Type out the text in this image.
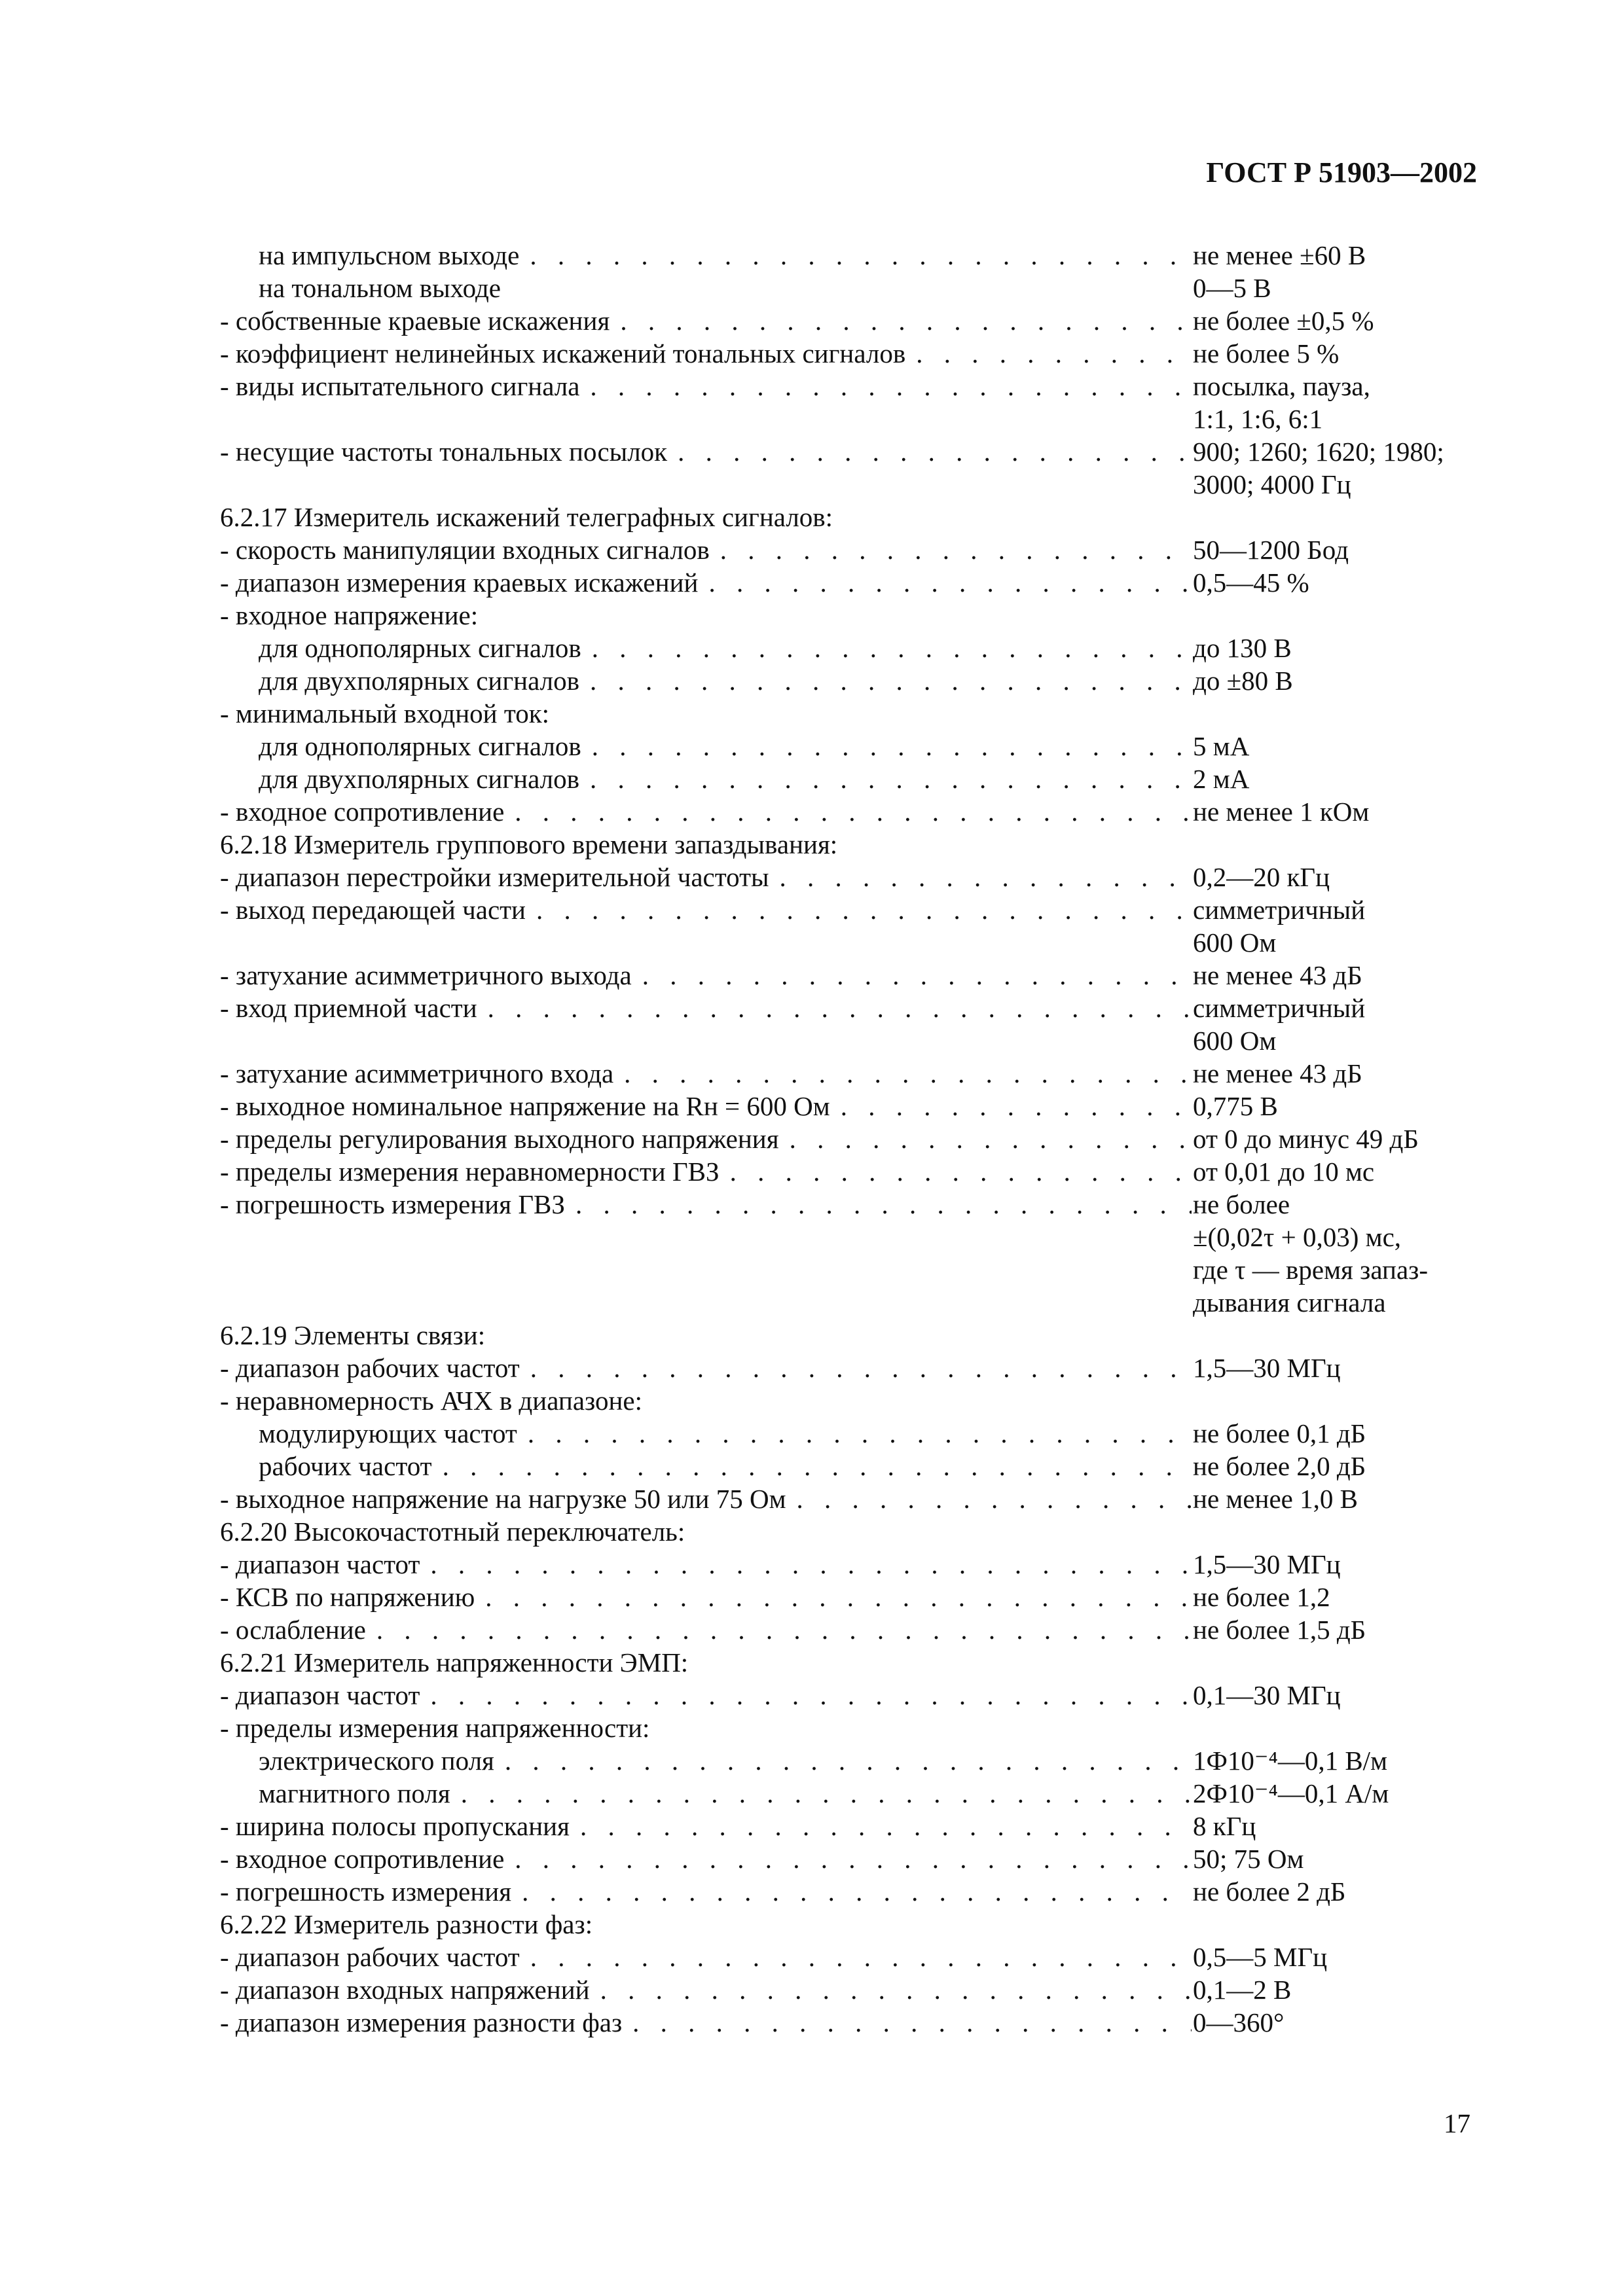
ГОСТ Р 51903—2002
на импульсном выходе . . .	не менее ±60 В
на тональном выходе	0—5 В
- собственные краевые искажения . . .	не более ±0,5 %
- коэффициент нелинейных искажений тональных сигналов . . .	не более 5 %
- виды испытательного сигнала . . .	посылка, пауза,
1:1, 1:6, 6:1
- несущие частоты тональных посылок . . .	900; 1260; 1620; 1980;
3000; 4000 Гц
6.2.17 Измеритель искажений телеграфных сигналов:
- скорость манипуляции входных сигналов . . .	50—1200 Бод
- диапазон измерения краевых искажений . . .	0,5—45 %
- входное напряжение:
для однополярных сигналов . . .	до 130 В
для двухполярных сигналов . . .	до ±80 В
- минимальный входной ток:
для однополярных сигналов . . .	5 мА
для двухполярных сигналов . . .	2 мА
- входное сопротивление . . .	не менее 1 кОм
6.2.18 Измеритель группового времени запаздывания:
- диапазон перестройки измерительной частоты . . .	0,2—20 кГц
- выход передающей части . . .	симметричный
600 Ом
- затухание асимметричного выхода . . .	не менее 43 дБ
- вход приемной части . . .	симметричный
600 Ом
- затухание асимметричного входа . . .	не менее 43 дБ
- выходное номинальное напряжение на Rн = 600 Ом . . .	0,775 В
- пределы регулирования выходного напряжения . . .	от 0 до минус 49 дБ
- пределы измерения неравномерности ГВЗ . . .	от 0,01 до 10 мс
- погрешность измерения ГВЗ . . .	не более
±(0,02τ + 0,03) мс,
где τ — время запаз-
дывания сигнала
6.2.19 Элементы связи:
- диапазон рабочих частот . . .	1,5—30 МГц
- неравномерность АЧХ в диапазоне:
модулирующих частот . . .	не более 0,1 дБ
рабочих частот . . .	не более 2,0 дБ
- выходное напряжение на нагрузке 50 или 75 Ом . . .	не менее 1,0 В
6.2.20 Высокочастотный переключатель:
- диапазон частот . . .	1,5—30 МГц
- КСВ по напряжению . . .	не более 1,2
- ослабление . . .	не более 1,5 дБ
6.2.21 Измеритель напряженности ЭМП:
- диапазон частот . . .	0,1—30 МГц
- пределы измерения напряженности:
электрического поля . . .	1Ф10⁻⁴—0,1 В/м
магнитного поля . . .	2Ф10⁻⁴—0,1 А/м
- ширина полосы пропускания . . .	8 кГц
- входное сопротивление . . .	50; 75 Ом
- погрешность измерения . . .	не более 2 дБ
6.2.22 Измеритель разности фаз:
- диапазон рабочих частот . . .	0,5—5 МГц
- диапазон входных напряжений . . .	0,1—2 В
- диапазон измерения разности фаз . . .	0—360°
17
